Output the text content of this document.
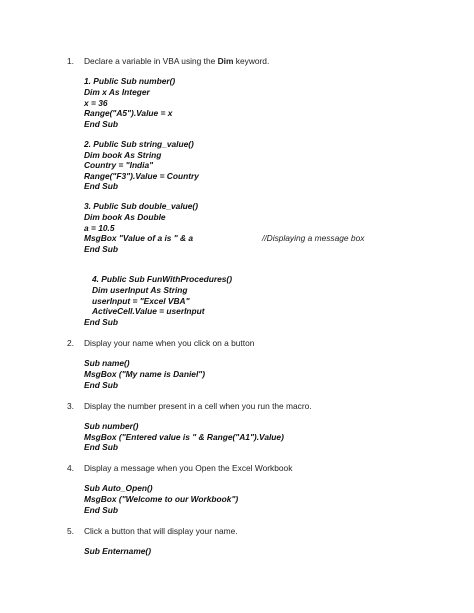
1. Declare a variable in VBA using the Dim keyword.
1. Public Sub number()
Dim x As Integer
x = 36
Range("A5").Value = x
End Sub
2. Public Sub string_value()
Dim book As String
Country = "India"
Range("F3").Value = Country
End Sub
3. Public Sub double_value()
Dim book As Double
a = 10.5
MsgBox "Value of a is " & a	//Displaying a message box
End Sub
4. Public Sub FunWithProcedures()
Dim userInput As String
userInput = "Excel VBA"
ActiveCell.Value = userInput
End Sub
2. Display your name when you click on a button
Sub name()
MsgBox ("My name is Daniel")
End Sub
3. Display the number present in a cell when you run the macro.
Sub number()
MsgBox ("Entered value is " & Range("A1").Value)
End Sub
4. Display a message when you Open the Excel Workbook
Sub Auto_Open()
MsgBox ("Welcome to our Workbook")
End Sub
5. Click a button that will display your name.
Sub Entername()
